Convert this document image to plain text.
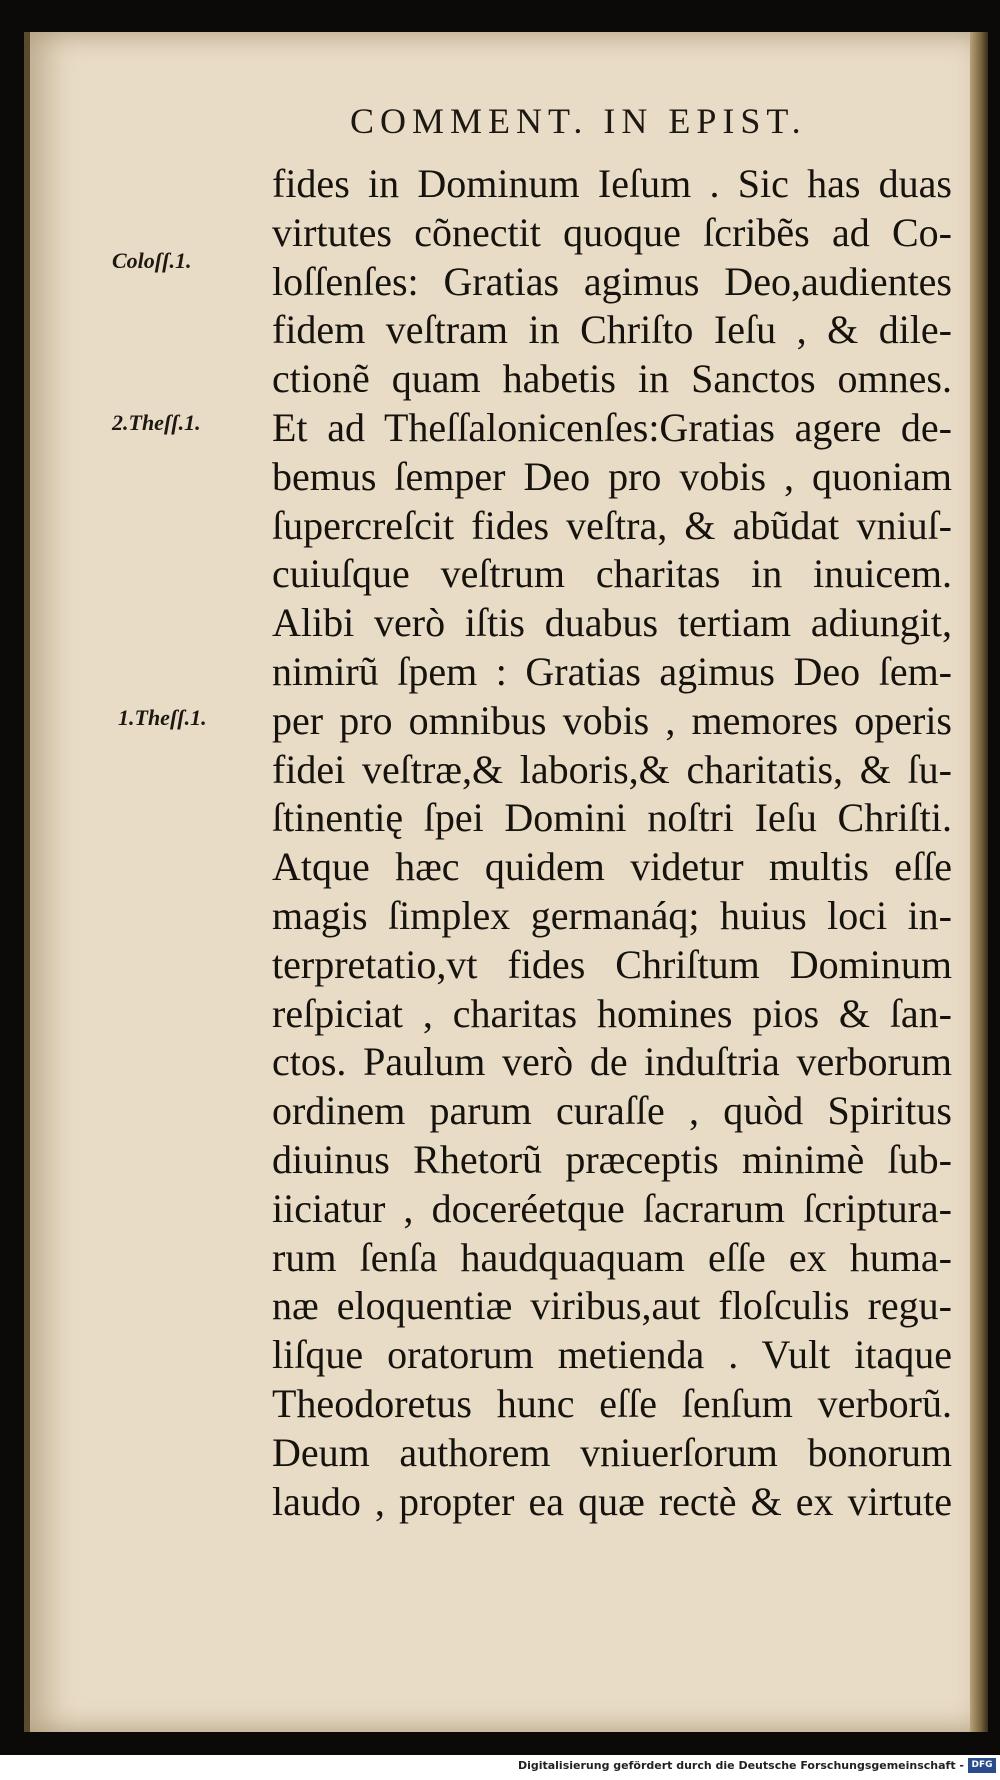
COMMENT. IN EPIST.
Coloſſ.1.
2.Theſſ.1.
1.Theſſ.1.
fides in Dominum Ieſum . Sic has duas
virtutes cõnectit quoque ſcribẽs ad Co-
loſſenſes: Gratias agimus Deo,audientes
fidem veſtram in Chriſto Ieſu , & dile-
ctionẽ quam habetis in Sanctos omnes.
Et ad Theſſalonicenſes:Gratias agere de-
bemus ſemper Deo pro vobis , quoniam
ſupercreſcit fides veſtra, & abũdat vniuſ-
cuiuſque veſtrum charitas in inuicem.
Alibi verò iſtis duabus tertiam adiungit,
nimirũ ſpem : Gratias agimus Deo ſem-
per pro omnibus vobis , memores operis
fidei veſtræ,& laboris,& charitatis, & ſu-
ſtinentię ſpei Domini noſtri Ieſu Chriſti.
Atque hæc quidem videtur multis eſſe
magis ſimplex germanáq; huius loci in-
terpretatio,vt fides Chriſtum Dominum
reſpiciat , charitas homines pios & ſan-
ctos. Paulum verò de induſtria verborum
ordinem parum curaſſe , quòd Spiritus
diuinus Rhetorũ præceptis minimè ſub-
iiciatur , doceréetque ſacrarum ſcriptura-
rum ſenſa haudquaquam eſſe ex huma-
næ eloquentiæ viribus,aut floſculis regu-
liſque oratorum metienda . Vult itaque
Theodoretus hunc eſſe ſenſum verborũ.
Deum authorem vniuerſorum bonorum
laudo , propter ea quæ rectè & ex virtute
Digitalisierung gefördert durch die Deutsche Forschungsgemeinschaft - DFG
